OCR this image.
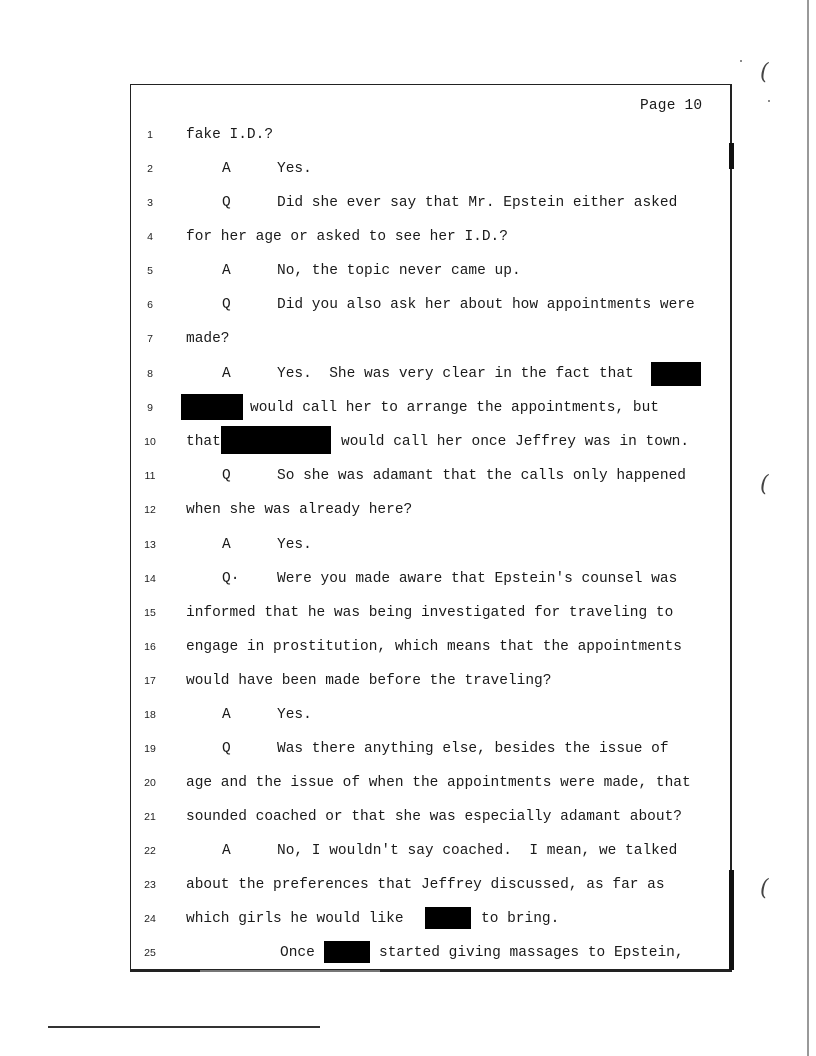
(
(
(
Page 10
1	fake I.D.?
2	A	Yes.
3	Q	Did she ever say that Mr. Epstein either asked
4	for her age or asked to see her I.D.?
5	A	No, the topic never came up.
6	Q	Did you also ask her about how appointments were
7	made?
8	A	Yes.  She was very clear in the fact that
9	would call her to arrange the appointments, but
10 that	would call her once Jeffrey was in town.
11	Q	So she was adamant that the calls only happened
12 when she was already here?
13	A	Yes.
14	Q·	Were you made aware that Epstein's counsel was
15 informed that he was being investigated for traveling to
16 engage in prostitution, which means that the appointments
17 would have been made before the traveling?
18	A	Yes.
19	Q	Was there anything else, besides the issue of
20 age and the issue of when the appointments were made, that
21 sounded coached or that she was especially adamant about?
22	A	No, I wouldn't say coached.  I mean, we talked
23 about the preferences that Jeffrey discussed, as far as
24 which girls he would like	to bring.
25	Once	started giving massages to Epstein,
